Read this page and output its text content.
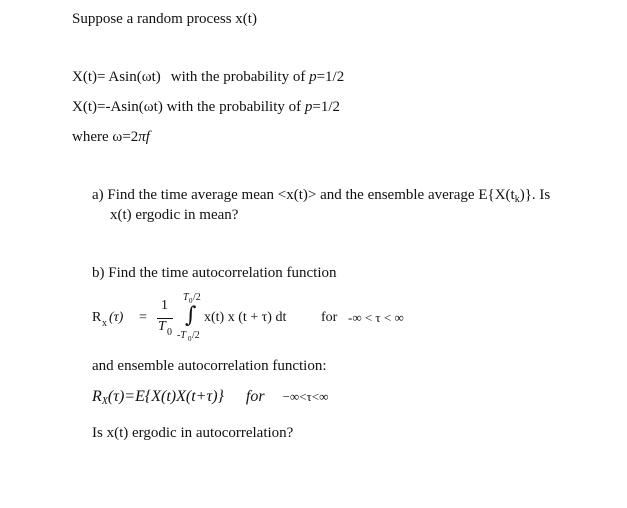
Suppose a random process x(t)
X(t)= Asin(ωt) with the probability of p=1/2
X(t)=-Asin(ωt) with the probability of p=1/2
where ω=2πf
a) Find the time average mean <x(t)> and the ensemble average $E\{X(t_k)\}$. Is
x(t) ergodic in mean?
b) Find the time autocorrelation function
R x (τ) =
1
T 0
T 0 /2
∫
-T 0 /2
x(t) x (t + τ) dt for -∞ < τ < ∞
and ensemble autocorrelation function:
$R_X(\tau)=E\{X(t)X(t+\tau)\}$ for −∞<τ<∞
Is x(t) ergodic in autocorrelation?
